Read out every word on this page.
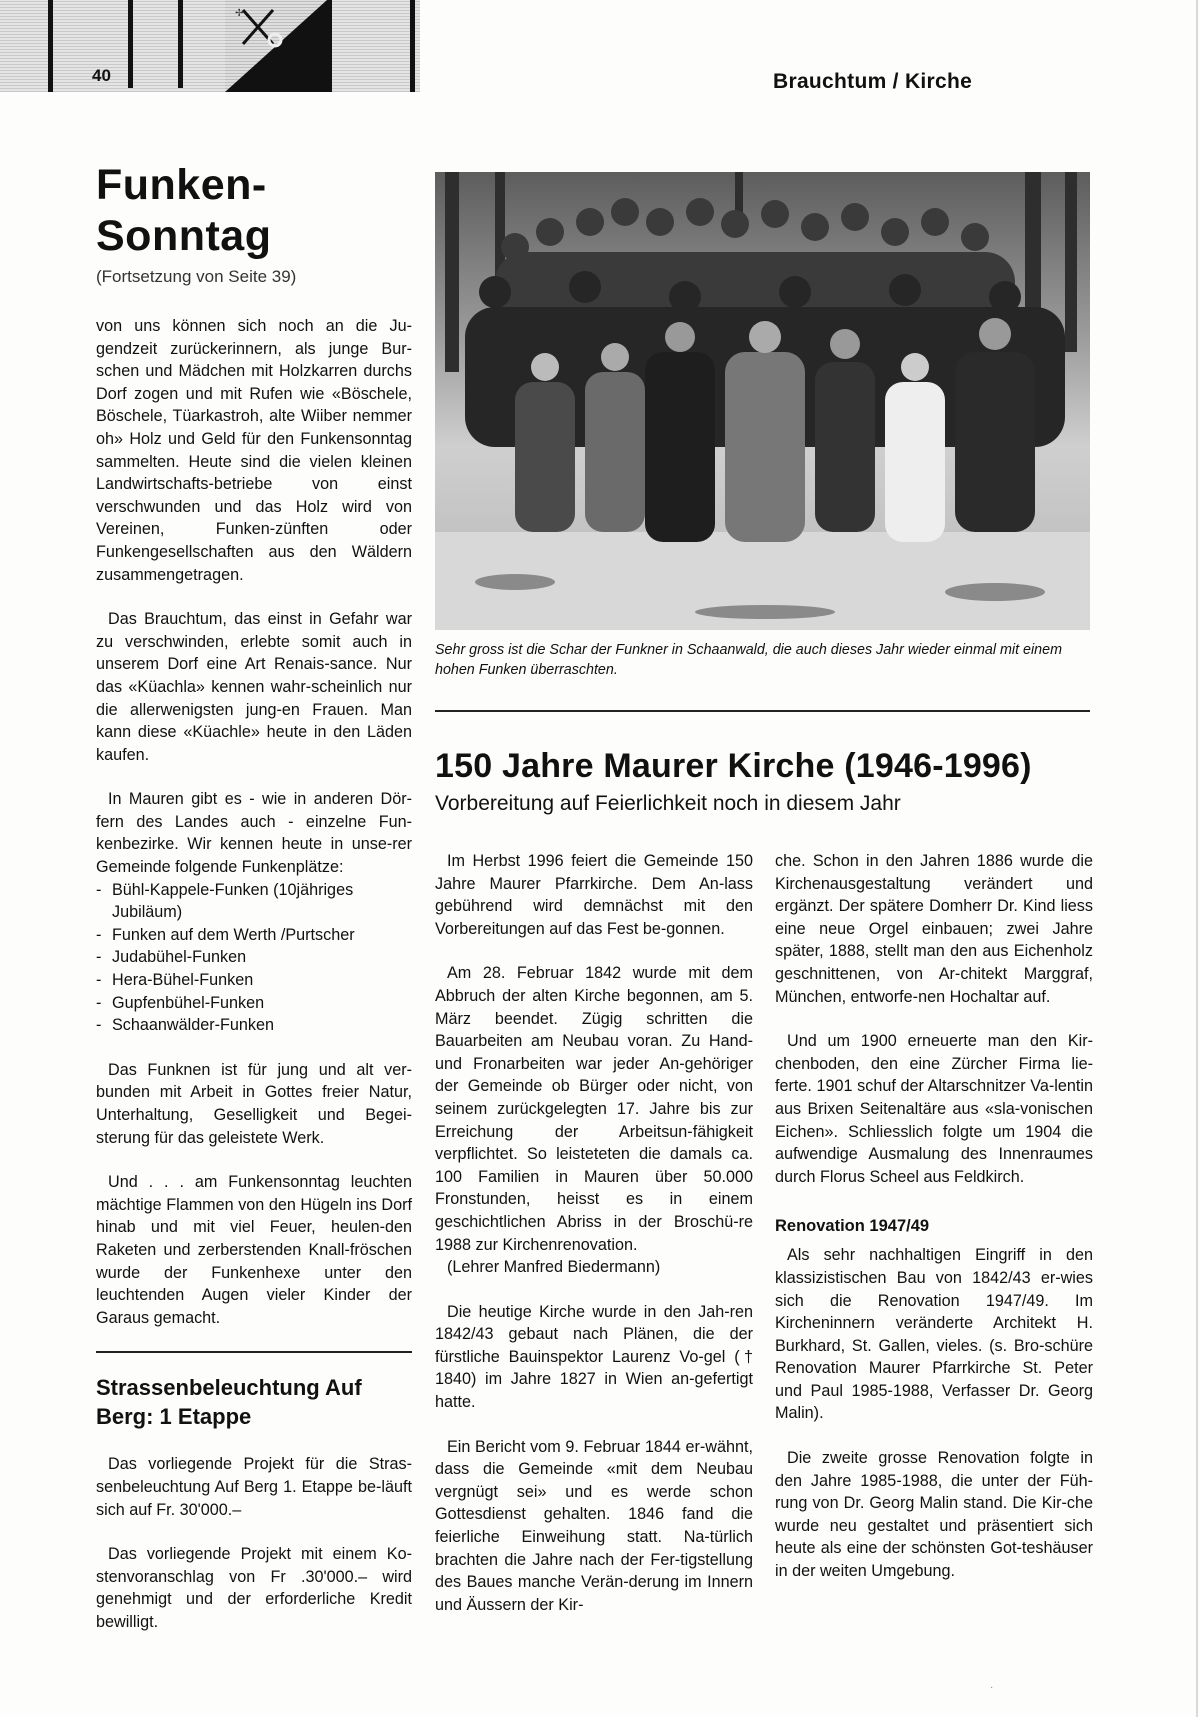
✢
40	Brauchtum / Kirche
Funken-
Sonntag
(Fortsetzung von Seite 39)

von uns können sich noch an die Ju-gendzeit zurückerinnern, als junge Bur-schen und Mädchen mit Holzkarren durchs Dorf zogen und mit Rufen wie «Böschele, Böschele, Tüarkastroh, alte Wiiber nemmer oh» Holz und Geld für den Funkensonntag sammelten. Heute sind die vielen kleinen Landwirtschafts-betriebe von einst verschwunden und das Holz wird von Vereinen, Funken-zünften oder Funkengesellschaften aus den Wäldern zusammengetragen.

Das Brauchtum, das einst in Gefahr war zu verschwinden, erlebte somit auch in unserem Dorf eine Art Renais-sance. Nur das «Küachla» kennen wahr-scheinlich nur die allerwenigsten jung-en Frauen. Man kann diese «Küachle» heute in den Läden kaufen.

In Mauren gibt es - wie in anderen Dör-fern des Landes auch - einzelne Fun-kenbezirke. Wir kennen heute in unse-rer Gemeinde folgende Funkenplätze:

- Bühl-Kappele-Funken (10jähriges Jubiläum)
- Funken auf dem Werth /Purtscher
- Judabühel-Funken
- Hera-Bühel-Funken
- Gupfenbühel-Funken
- Schaanwälder-Funken

Das Funknen ist für jung und alt ver-bunden mit Arbeit in Gottes freier Natur, Unterhaltung, Geselligkeit und Begei-sterung für das geleistete Werk.

Und . . . am Funkensonntag leuchten mächtige Flammen von den Hügeln ins Dorf hinab und mit viel Feuer, heulen-den Raketen und zerberstenden Knall-fröschen wurde der Funkenhexe unter den leuchtenden Augen vieler Kinder der Garaus gemacht.

Strassenbeleuchtung Auf
Berg: 1 Etappe

Das vorliegende Projekt für die Stras-senbeleuchtung Auf Berg 1. Etappe be-läuft sich auf Fr. 30'000.–

Das vorliegende Projekt mit einem Ko-stenvoranschlag von Fr .30'000.– wird genehmigt und der erforderliche Kredit bewilligt.

Sehr gross ist die Schar der Funkner in Schaanwald, die auch dieses Jahr wieder einmal mit einem hohen Funken überraschten.
150 Jahre Maurer Kirche (1946-1996)
Vorbereitung auf Feierlichkeit noch in diesem Jahr

Im Herbst 1996 feiert die Gemeinde 150 Jahre Maurer Pfarrkirche. Dem An-lass gebührend wird demnächst mit den Vorbereitungen auf das Fest be-gonnen.

Am 28. Februar 1842 wurde mit dem Abbruch der alten Kirche begonnen, am 5. März beendet. Zügig schritten die Bauarbeiten am Neubau voran. Zu Hand- und Fronarbeiten war jeder An-gehöriger der Gemeinde ob Bürger oder nicht, von seinem zurückgelegten 17. Jahre bis zur Erreichung der Arbeitsun-fähigkeit verpflichtet. So leisteteten die damals ca. 100 Familien in Mauren über 50.000 Fronstunden, heisst es in einem geschichtlichen Abriss in der Broschü-re 1988 zur Kirchenrenovation.

(Lehrer Manfred Biedermann)

Die heutige Kirche wurde in den Jah-ren 1842/43 gebaut nach Plänen, die der fürstliche Bauinspektor Laurenz Vo-gel († 1840) im Jahre 1827 in Wien an-gefertigt hatte.

Ein Bericht vom 9. Februar 1844 er-wähnt, dass die Gemeinde «mit dem Neubau vergnügt sei» und es werde schon Gottesdienst gehalten. 1846 fand die feierliche Einweihung statt. Na-türlich brachten die Jahre nach der Fer-tigstellung des Baues manche Verän-derung im Innern und Äussern der Kir-

che. Schon in den Jahren 1886 wurde die Kirchenausgestaltung verändert und ergänzt. Der spätere Domherr Dr. Kind liess eine neue Orgel einbauen; zwei Jahre später, 1888, stellt man den aus Eichenholz geschnittenen, von Ar-chitekt Marggraf, München, entworfe-nen Hochaltar auf.

Und um 1900 erneuerte man den Kir-chenboden, den eine Zürcher Firma lie-ferte. 1901 schuf der Altarschnitzer Va-lentin aus Brixen Seitenaltäre aus «sla-vonischen Eichen». Schliesslich folgte um 1904 die aufwendige Ausmalung des Innenraumes durch Florus Scheel aus Feldkirch.

Renovation 1947/49

Als sehr nachhaltigen Eingriff in den klassizistischen Bau von 1842/43 er-wies sich die Renovation 1947/49. Im Kircheninnern veränderte Architekt H. Burkhard, St. Gallen, vieles. (s. Bro-schüre Renovation Maurer Pfarrkirche St. Peter und Paul 1985-1988, Verfasser Dr. Georg Malin).

Die zweite grosse Renovation folgte in den Jahre 1985-1988, die unter der Füh-rung von Dr. Georg Malin stand. Die Kir-che wurde neu gestaltet und präsentiert sich heute als eine der schönsten Got-teshäuser in der weiten Umgebung.

·
